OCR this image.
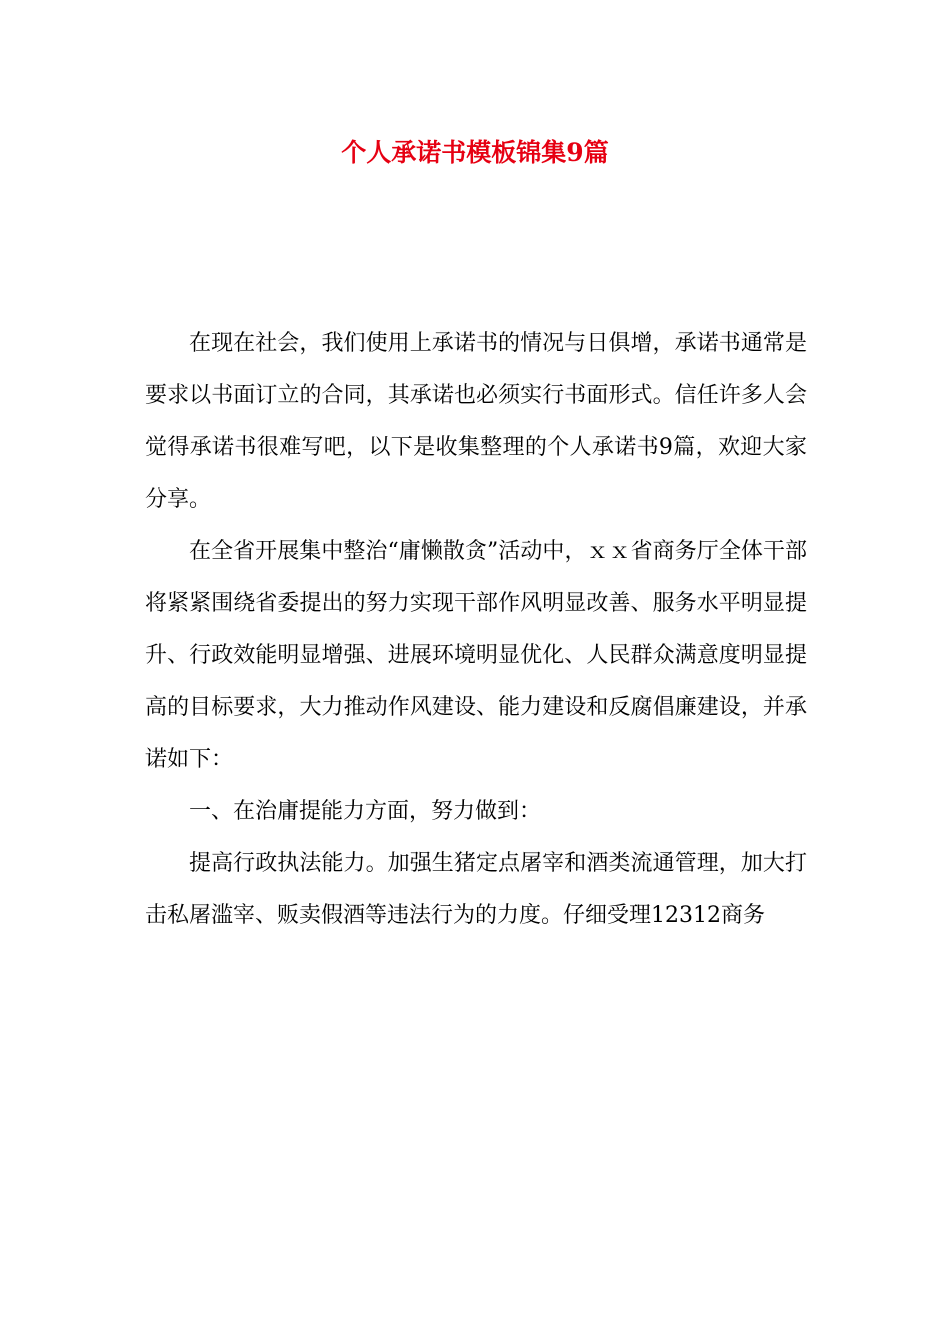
个人承诺书模板锦集9篇

在现在社会，我们使用上承诺书的情况与日俱增，承诺书通常是要求以书面订立的合同，其承诺也必须实行书面形式。信任许多人会觉得承诺书很难写吧，以下是收集整理的个人承诺书9篇，欢迎大家分享。

在全省开展集中整治“庸懒散贪”活动中，ｘｘ省商务厅全体干部将紧紧围绕省委提出的努力实现干部作风明显改善、服务水平明显提升、行政效能明显增强、进展环境明显优化、人民群众满意度明显提高的目标要求，大力推动作风建设、能力建设和反腐倡廉建设，并承诺如下：

一、在治庸提能力方面，努力做到：

提高行政执法能力。加强生猪定点屠宰和酒类流通管理，加大打击私屠滥宰、贩卖假酒等违法行为的力度。仔细受理12312商务
